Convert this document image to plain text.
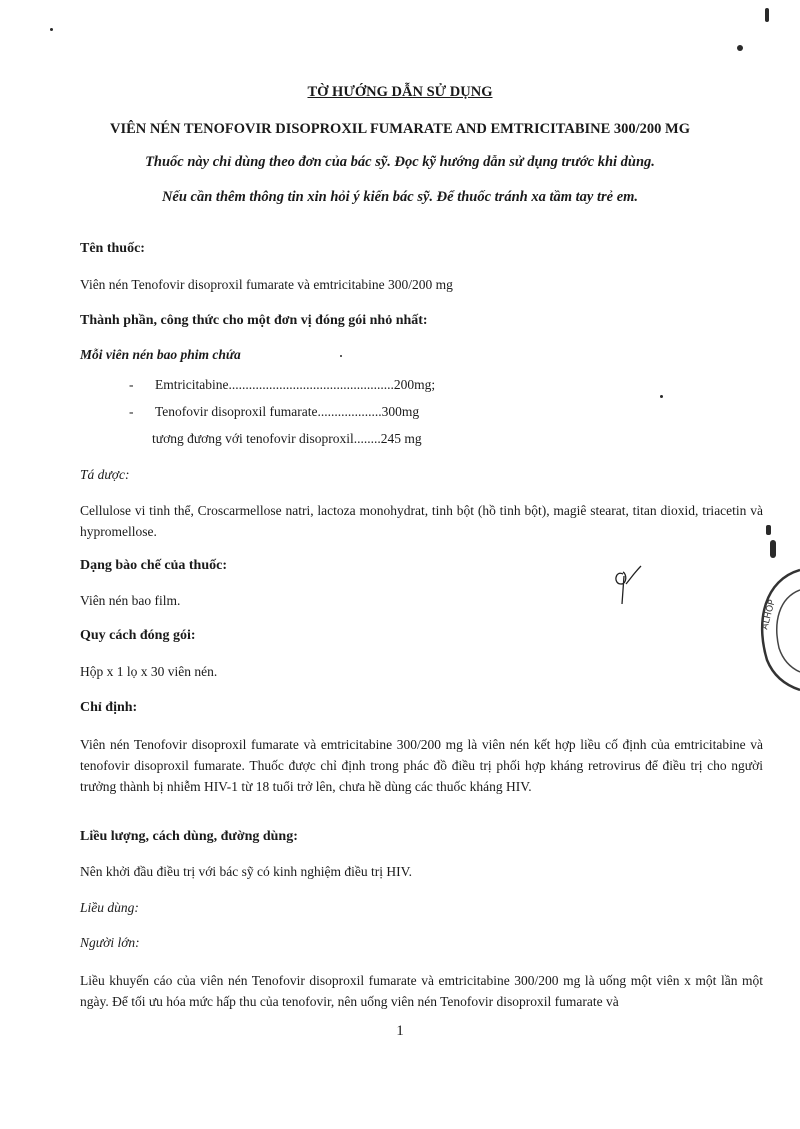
TỜ HƯỚNG DẪN SỬ DỤNG
VIÊN NÉN TENOFOVIR DISOPROXIL FUMARATE AND EMTRICITABINE 300/200 MG
Thuốc này chỉ dùng theo đơn của bác sỹ. Đọc kỹ hướng dẫn sử dụng trước khi dùng.
Nếu cần thêm thông tin xin hỏi ý kiến bác sỹ. Để thuốc tránh xa tầm tay trẻ em.
Tên thuốc:
Viên nén Tenofovir disoproxil fumarate và emtricitabine 300/200 mg
Thành phần, công thức cho một đơn vị đóng gói nhỏ nhất:
Mỗi viên nén bao phim chứa
- Emtricitabine.................................................200mg;
- Tenofovir disoproxil fumarate...................300mg
tương đương với tenofovir disoproxil........245 mg
Tá dược:
Cellulose vi tinh thể, Croscarmellose natri, lactoza monohydrat, tinh bột (hồ tinh bột), magiê stearat, titan dioxid, triacetin và hypromellose.
Dạng bào chế của thuốc:
Viên nén bao film.
Quy cách đóng gói:
Hộp x 1 lọ x 30 viên nén.
Chỉ định:
Viên nén Tenofovir disoproxil fumarate và emtricitabine 300/200 mg là viên nén kết hợp liều cố định của emtricitabine và tenofovir disoproxil fumarate. Thuốc được chỉ định trong phác đồ điều trị phối hợp kháng retrovirus để điều trị cho người trưởng thành bị nhiễm HIV-1 từ 18 tuổi trở lên, chưa hề dùng các thuốc kháng HIV.
Liều lượng, cách dùng, đường dùng:
Nên khởi đầu điều trị với bác sỹ có kinh nghiệm điều trị HIV.
Liều dùng:
Người lớn:
Liều khuyến cáo của viên nén Tenofovir disoproxil fumarate và emtricitabine 300/200 mg là uống một viên x một lần một ngày. Để tối ưu hóa mức hấp thu của tenofovir, nên uống viên nén Tenofovir disoproxil fumarate và
1
ALHOP
